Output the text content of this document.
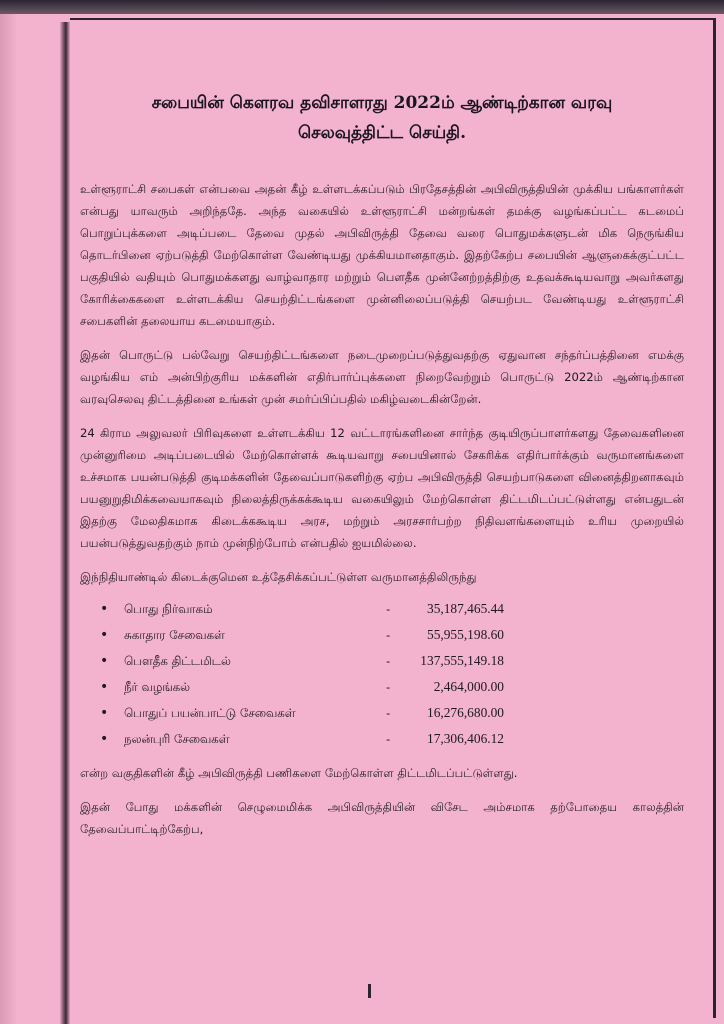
சபையின் கௌரவ தவிசாளரது 2022ம் ஆண்டிற்கான வரவு
செலவுத்திட்ட செய்தி.

உள்ளூராட்சி சபைகள் என்பவை அதன் கீழ் உள்ளடக்கப்படும் பிரதேசத்தின் அபிவிருத்தியின் முக்கிய பங்காளர்கள் என்பது யாவரும் அறிந்ததே. அந்த வகையில் உள்ளூராட்சி மன்றங்கள் தமக்கு வழங்கப்பட்ட கடமைப் பொறுப்புக்களை அடிப்படை தேவை முதல் அபிவிருத்தி தேவை வரை பொதுமக்களுடன் மிக நெருங்கிய தொடர்பினை ஏற்படுத்தி மேற்கொள்ள வேண்டியது முக்கியமானதாகும். இதற்கேற்ப சபையின் ஆளுகைக்குட்பட்ட பகுதியில் வதியும் பொதுமக்களது வாழ்வாதார மற்றும் பௌதீக முன்னேற்றத்திற்கு உதவக்கூடியவாறு அவர்களது கோரிக்கைகளை உள்ளடக்கிய செயற்திட்டங்களை முன்னிலைப்படுத்தி செயற்பட வேண்டியது உள்ளூராட்சி சபைகளின் தலையாய கடமையாகும்.

இதன் பொருட்டு பல்வேறு செயற்திட்டங்களை நடைமுறைப்படுத்துவதற்கு ஏதுவான சந்தர்ப்பத்தினை எமக்கு வழங்கிய எம் அன்பிற்குரிய மக்களின் எதிர்பார்ப்புக்களை நிறைவேற்றும் பொருட்டு 2022ம் ஆண்டிற்கான வரவுசெலவு திட்டத்தினை உங்கள் முன் சமர்ப்பிப்பதில் மகிழ்வடைகின்றேன்.

24 கிராம அலுவலர் பிரிவுகளை உள்ளடக்கிய 12 வட்டாரங்களினை சார்ந்த குடியிருப்பாளர்களது தேவைகளினை முன்னுரிமை அடிப்படையில் மேற்கொள்ளக் கூடியவாறு சபையினால் சேகரிக்க எதிர்பார்க்கும் வருமானங்களை உச்சமாக பயன்படுத்தி குடிமக்களின் தேவைப்பாடுகளிற்கு ஏற்ப அபிவிருத்தி செயற்பாடுகளை வினைத்திறனாகவும் பயனுறுதிமிக்கவையாகவும் நிலைத்திருக்கக்கூடிய வகையிலும் மேற்கொள்ள திட்டமிடப்பட்டுள்ளது என்பதுடன் இதற்கு மேலதிகமாக கிடைக்ககூடிய அரச, மற்றும் அரசசார்பற்ற நிதிவளங்களையும் உரிய முறையில் பயன்படுத்துவதற்கும் நாம் முன்நிற்போம் என்பதில் ஐயமில்லை.

இந்நிதியாண்டில் கிடைக்குமென உத்தேசிக்கப்பட்டுள்ள வருமானத்திலிருந்து

• பொது நிர்வாகம்	-	35,187,465.44
• சுகாதார சேவைகள்	-	55,955,198.60
• பௌதீக திட்டமிடல்	- 137,555,149.18
• நீர் வழங்கல்	-	2,464,000.00
• பொதுப் பயன்பாட்டு சேவைகள்	-	16,276,680.00
• நலன்புரி சேவைகள்	-	17,306,406.12

என்ற வகுதிகளின் கீழ் அபிவிருத்தி பணிகளை மேற்கொள்ள திட்டமிடப்பட்டுள்ளது.

இதன் போது மக்களின் செழுமைமிக்க அபிவிருத்தியின் விசேட அம்சமாக தற்போதைய காலத்தின் தேவைப்பாட்டிற்கேற்ப,
